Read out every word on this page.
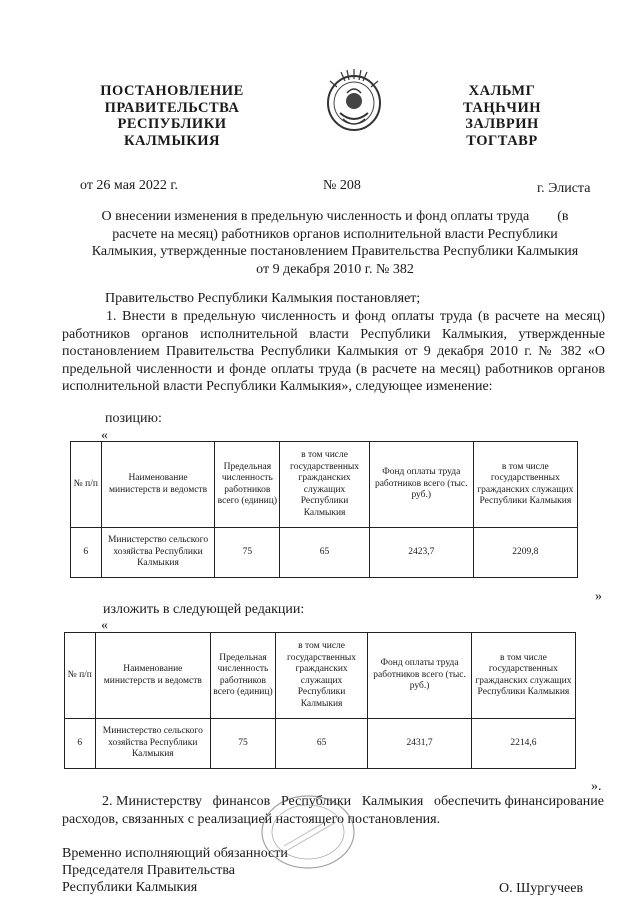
ПОСТАНОВЛЕНИЕ
ПРАВИТЕЛЬСТВА
РЕСПУБЛИКИ
КАЛМЫКИЯ
ХАЛЬМГ
ТАҢҺЧИН
ЗАЛВРИН
ТОГТАВР
от 26 мая 2022 г.	№ 208	г. Элиста
О внесении изменения в предельную численность и фонд оплаты труда        (в
расчете на месяц) работников органов исполнительной власти Республики
Калмыкия, утвержденные постановлением Правительства Республики Калмыкия
от 9 декабря 2010 г. № 382
Правительство Республики Калмыкия постановляет;
1. Внести в предельную численность и фонд оплаты труда (в расчете на месяц) работников органов исполнительной власти Республики Калмыкия, утвержденные постановлением Правительства Республики Калмыкия от 9 декабря 2010 г. № 382 «О предельной численности и фонде оплаты труда (в расчете на месяц) работников органов исполнительной власти Республики Калмыкия», следующее изменение:
позицию:
«
№ п/п	Наименование министерств и ведомств	Предельная численность работников всего (единиц)	в том числе государственных гражданских служащих Республики Калмыкия	Фонд оплаты труда работников всего (тыс. руб.)	в том числе государственных гражданских служащих Республики Калмыкия
6	Министерство сельского хозяйства Республики Калмыкия	75	65	2423,7	2209,8
»
изложить в следующей редакции:
«
№ п/п	Наименование министерств и ведомств	Предельная численность работников всего (единиц)	в том числе государственных гражданских служащих Республики Калмыкия	Фонд оплаты труда работников всего (тыс. руб.)	в том числе государственных гражданских служащих Республики Калмыкия
6	Министерство сельского хозяйства Республики Калмыкия	75	65	2431,7	2214,6
».
2. Министерству   финансов   Республики   Калмыкия   обеспечить финансирование расходов, связанных с реализацией настоящего постановления.
Временно исполняющий обязанности
Председателя Правительства
Республики Калмыкия	О. Шургучеев
